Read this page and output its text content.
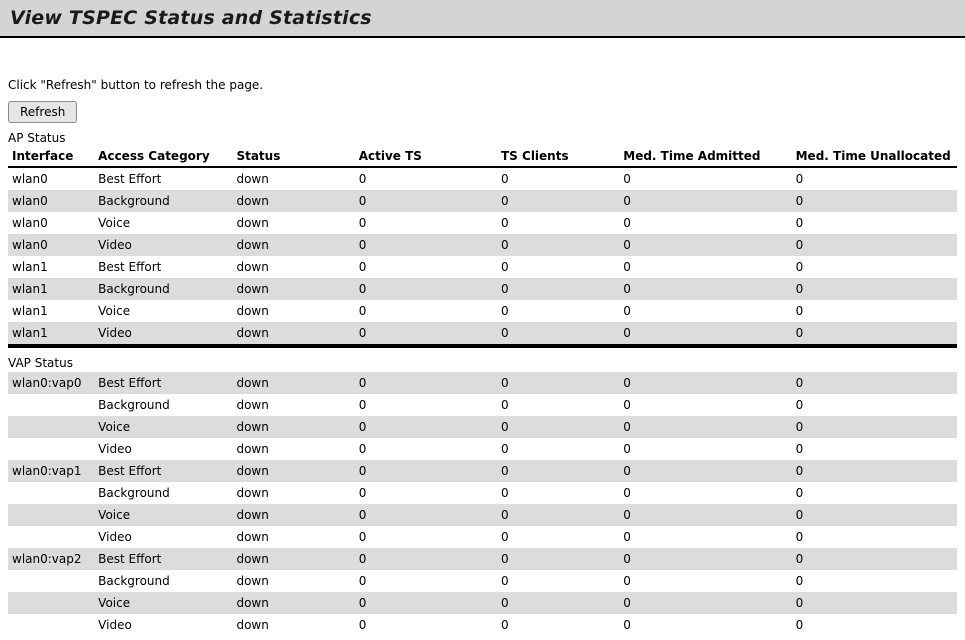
View TSPEC Status and Statistics
Click "Refresh" button to refresh the page.
Refresh
AP Status
Interface	Access Category	Status	Active TS	TS Clients	Med. Time Admitted	Med. Time Unallocated
wlan0	Best Effort	down	0	0	0	0
wlan0	Background	down	0	0	0	0
wlan0	Voice	down	0	0	0	0
wlan0	Video	down	0	0	0	0
wlan1	Best Effort	down	0	0	0	0
wlan1	Background	down	0	0	0	0
wlan1	Voice	down	0	0	0	0
wlan1	Video	down	0	0	0	0
VAP Status
wlan0:vap0	Best Effort	down	0	0	0	0
	Background	down	0	0	0	0
	Voice	down	0	0	0	0
	Video	down	0	0	0	0
wlan0:vap1	Best Effort	down	0	0	0	0
	Background	down	0	0	0	0
	Voice	down	0	0	0	0
	Video	down	0	0	0	0
wlan0:vap2	Best Effort	down	0	0	0	0
	Background	down	0	0	0	0
	Voice	down	0	0	0	0
	Video	down	0	0	0	0
